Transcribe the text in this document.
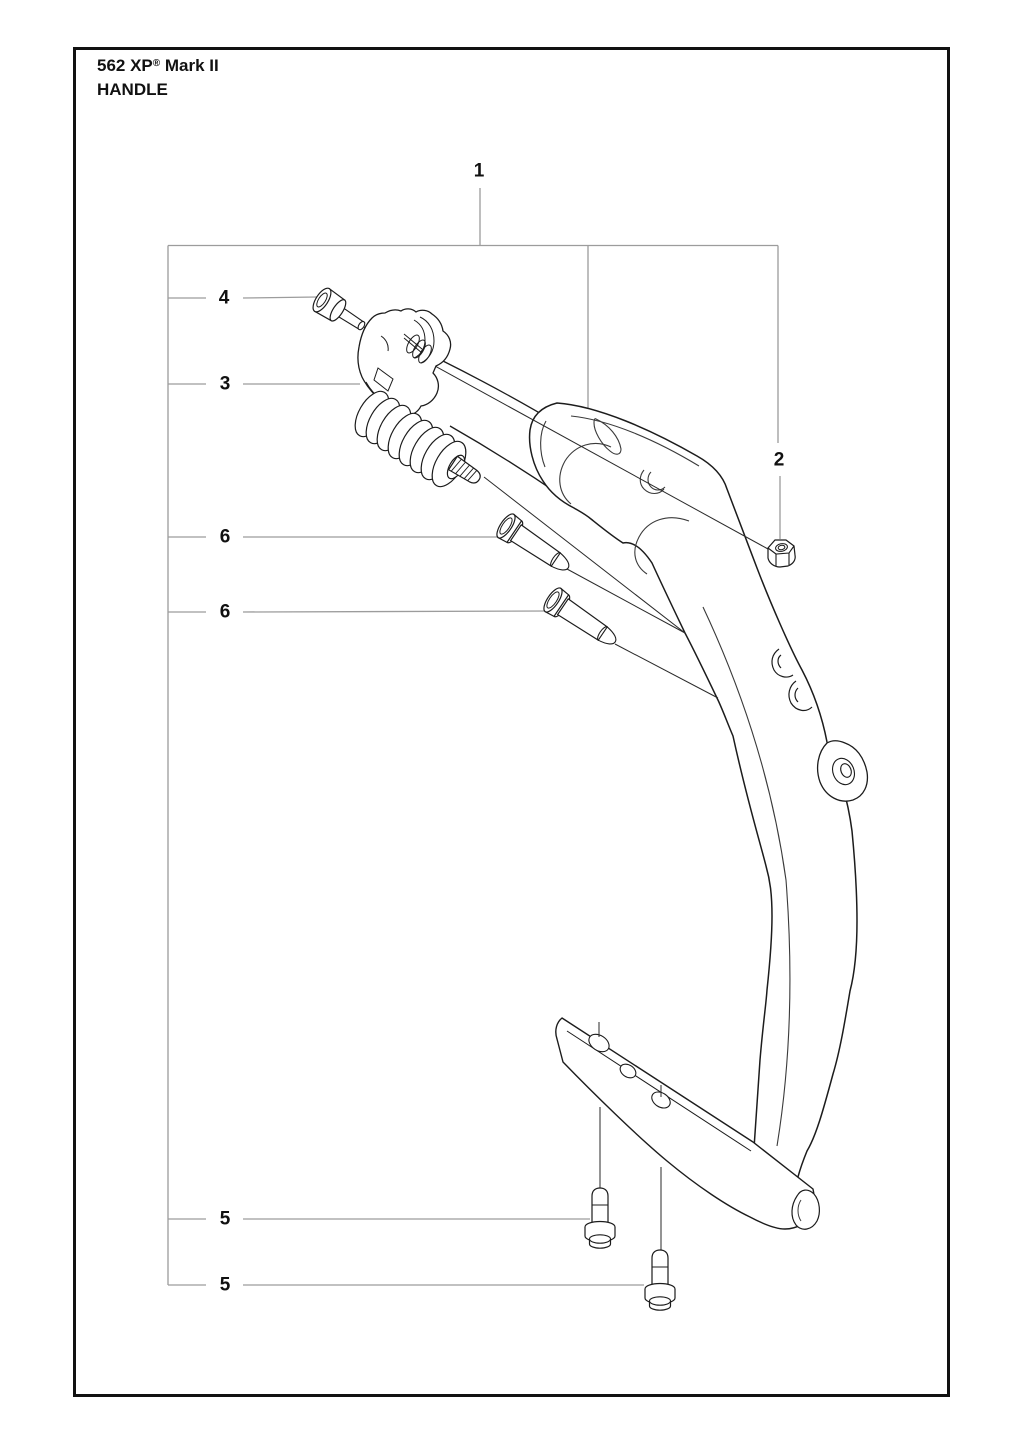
562 XP® Mark II
HANDLE
1
2
3
4
5
5
6
6
